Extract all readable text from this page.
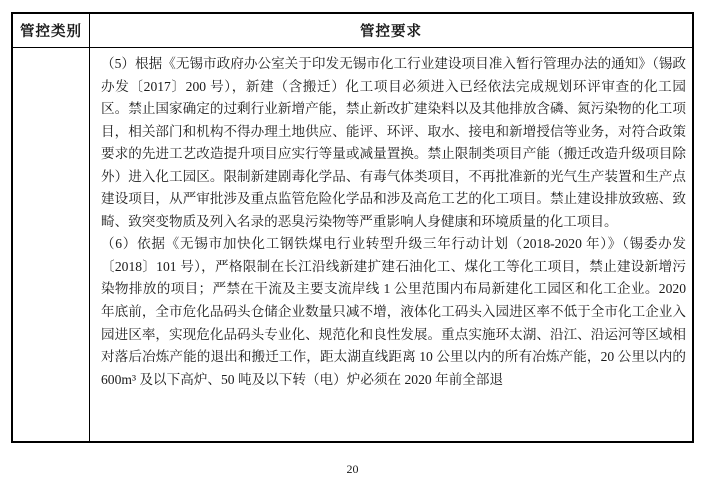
管控类别	管控要求

（5）根据《无锡市政府办公室关于印发无锡市化工行业建设项目准入暂行管理办法的通知》（锡政办发〔2017〕200 号），新建（含搬迁）化工项目必须进入已经依法完成规划环评审查的化工园区。禁止国家确定的过剩行业新增产能，禁止新改扩建染料以及其他排放含磷、氮污染物的化工项目，相关部门和机构不得办理土地供应、能评、环评、取水、接电和新增授信等业务，对符合政策要求的先进工艺改造提升项目应实行等量或减量置换。禁止限制类项目产能（搬迁改造升级项目除外）进入化工园区。限制新建剧毒化学品、有毒气体类项目，不再批准新的光气生产装置和生产点建设项目，从严审批涉及重点监管危险化学品和涉及高危工艺的化工项目。禁止建设排放致癌、致畸、致突变物质及列入名录的恶臭污染物等严重影响人身健康和环境质量的化工项目。

（6）依据《无锡市加快化工钢铁煤电行业转型升级三年行动计划（2018-2020 年）》（锡委办发〔2018〕101 号），严格限制在长江沿线新建扩建石油化工、煤化工等化工项目，禁止建设新增污染物排放的项目；严禁在干流及主要支流岸线 1 公里范围内布局新建化工园区和化工企业。2020 年底前，全市危化品码头仓储企业数量只减不增，液体化工码头入园进区率不低于全市化工企业入园进区率，实现危化品码头专业化、规范化和良性发展。重点实施环太湖、沿江、沿运河等区域相对落后冶炼产能的退出和搬迁工作，距太湖直线距离 10 公里以内的所有冶炼产能，20 公里以内的 600m³ 及以下高炉、50 吨及以下转（电）炉必须在 2020 年前全部退

20
